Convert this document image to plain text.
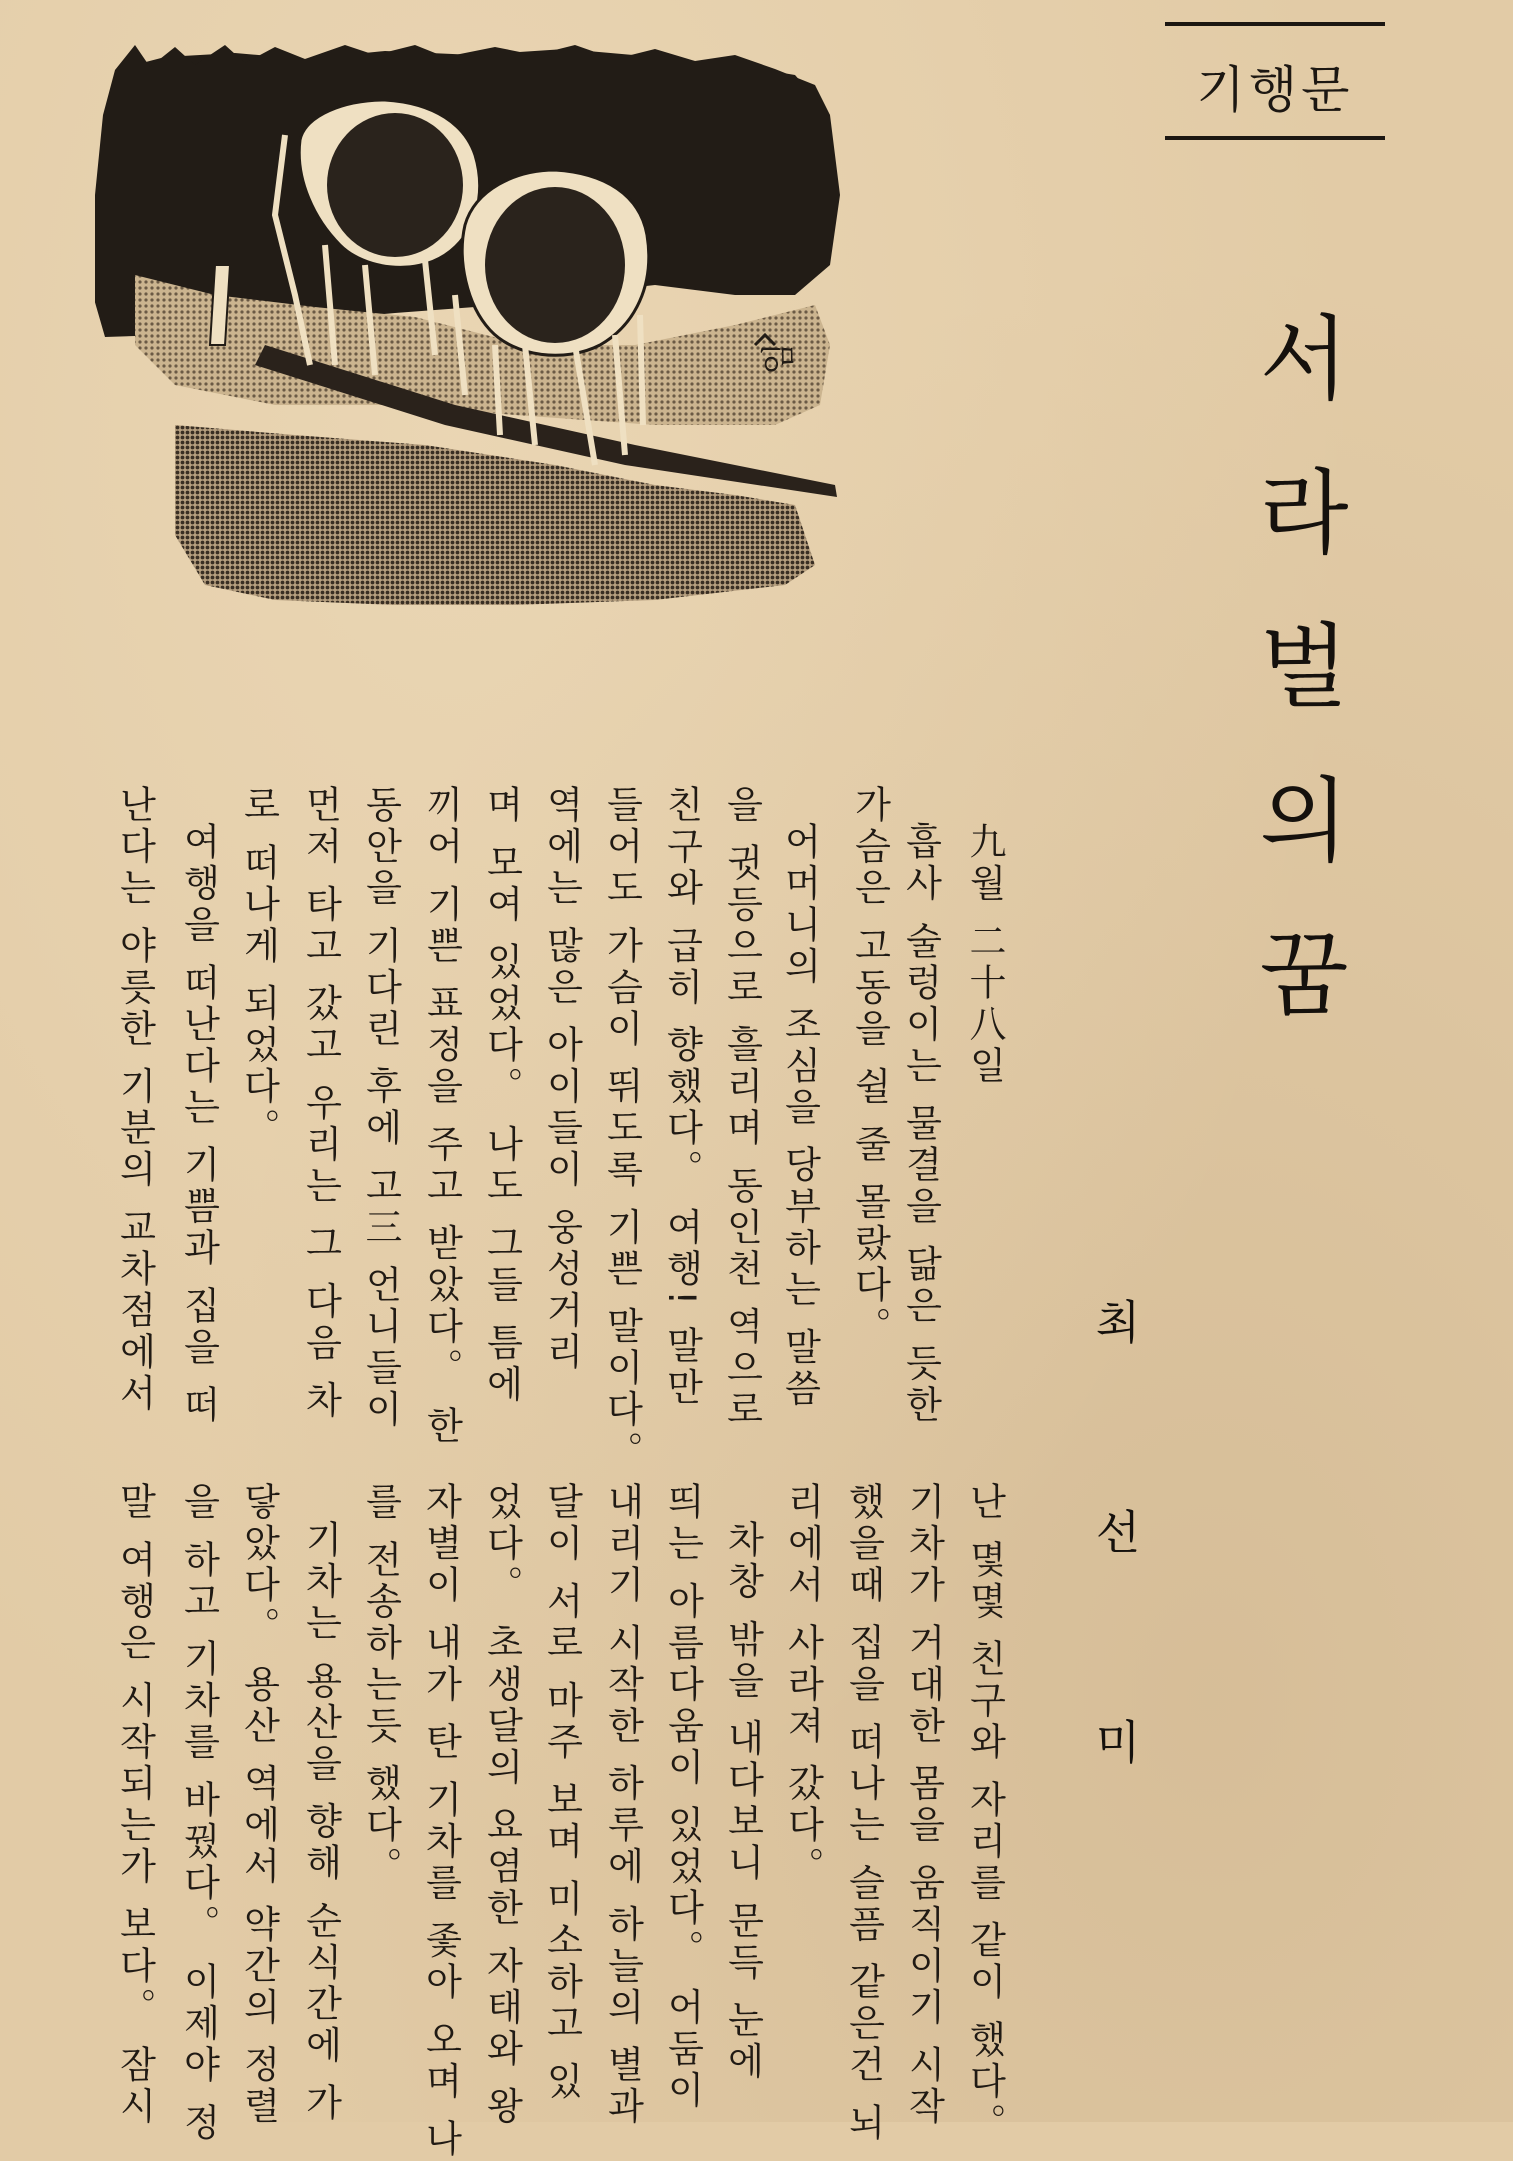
기행문
임	서라벌의꿈
최선미
九월 二十八일
흡사 술렁이는 물결을 닮은 듯한
가슴은 고동을 쉴 줄 몰랐다。
어머니의 조심을 당부하는 말씀
을 귓등으로 흘리며 동인천 역으로
친구와 급히 향했다。 여행! 말만
들어도 가슴이 뛰도록 기쁜 말이다。
역에는 많은 아이들이 웅성거리
며 모여 있었다。 나도 그들 틈에
끼어 기쁜 표정을 주고 받았다。 한
동안을 기다린 후에 고三 언니들이
먼저 타고 갔고 우리는 그 다음 차
로 떠나게 되었다。
여행을 떠난다는 기쁨과 집을 떠
난다는 야릇한 기분의 교차점에서
난 몇몇 친구와 자리를 같이 했다。
기차가 거대한 몸을 움직이기 시작
했을때 집을 떠나는 슬픔 같은건 뇌
리에서 사라져 갔다。
차창 밖을 내다보니 문득 눈에
띄는 아름다움이 있었다。 어둠이
내리기 시작한 하루에 하늘의 별과
달이 서로 마주 보며 미소하고 있
었다。 초생달의 요염한 자태와 왕
자별이 내가 탄 기차를 좇아 오며 나
를 전송하는듯 했다。
기차는 용산을 향해 순식간에 가
닿았다。 용산 역에서 약간의 정렬
을 하고 기차를 바꿨다。 이제야 정
말 여행은 시작되는가 보다。 잠시
